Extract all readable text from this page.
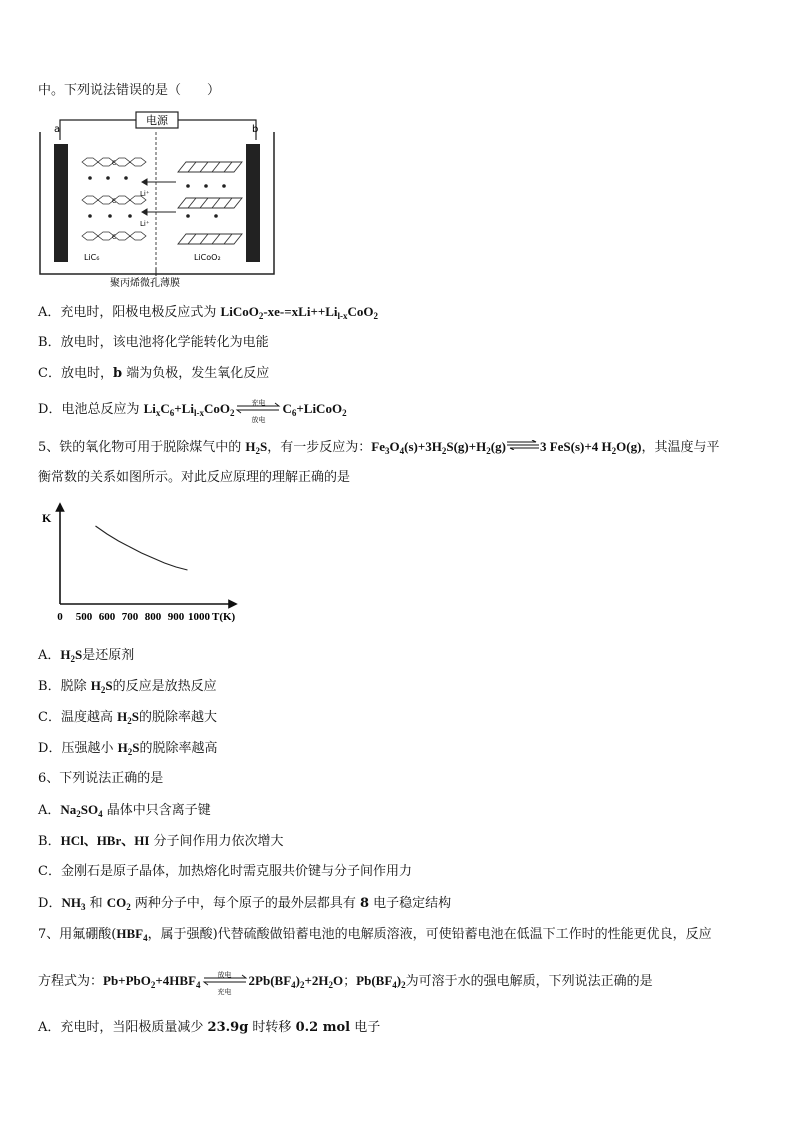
中。下列说法错误的是（　　）
电源
a	b
C
C
C
Li⁺
Li⁺
LiC₆	LiCoO₂
聚丙烯微孔薄膜
A．充电时，阳极电极反应式为 $LiCoO_2-xe-=xLi++Li_{l-x}CoO_2$
B．放电时，该电池将化学能转化为电能
C．放电时，b 端为负极，发生氧化反应
D．电池总反应为 $Li_xC_6+Li_{l-x}CoO_2$
充电
放电
$C_6+LiCoO_2$
5、铁的氧化物可用于脱除煤气中的 $H_2S$，有一步反应为：$Fe_3O_4(s)+3H_2S(g)+H_2(g)$	3 FeS(s)+4 $H_2O(g)$，其温度与平
衡常数的关系如图所示。对此反应原理的理解正确的是
K
0 500 600 700 800 900 1000 T(K)
A．$H_2S$是还原剂
B．脱除 $H_2S$的反应是放热反应
C．温度越高 $H_2S$的脱除率越大
D．压强越小 $H_2S$的脱除率越高
6、下列说法正确的是
A．$Na_2SO_4$ 晶体中只含离子键
B．HCl、HBr、HI 分子间作用力依次增大
C．金刚石是原子晶体，加热熔化时需克服共价键与分子间作用力
D．$NH_3$ 和 $CO_2$ 两种分子中，每个原子的最外层都具有 8 电子稳定结构
7、用氟硼酸($HBF_4$，属于强酸)代替硫酸做铅蓄电池的电解质溶液，可使铅蓄电池在低温下工作时的性能更优良，反应
方程式为：$Pb+PbO_2+4HBF_4$
放电
充电
$2Pb(BF_4)_2+2H_2O$；$Pb(BF_4)_2$为可溶于水的强电解质，下列说法正确的是
A．充电时，当阳极质量减少 23.9g 时转移 0.2 mol 电子
